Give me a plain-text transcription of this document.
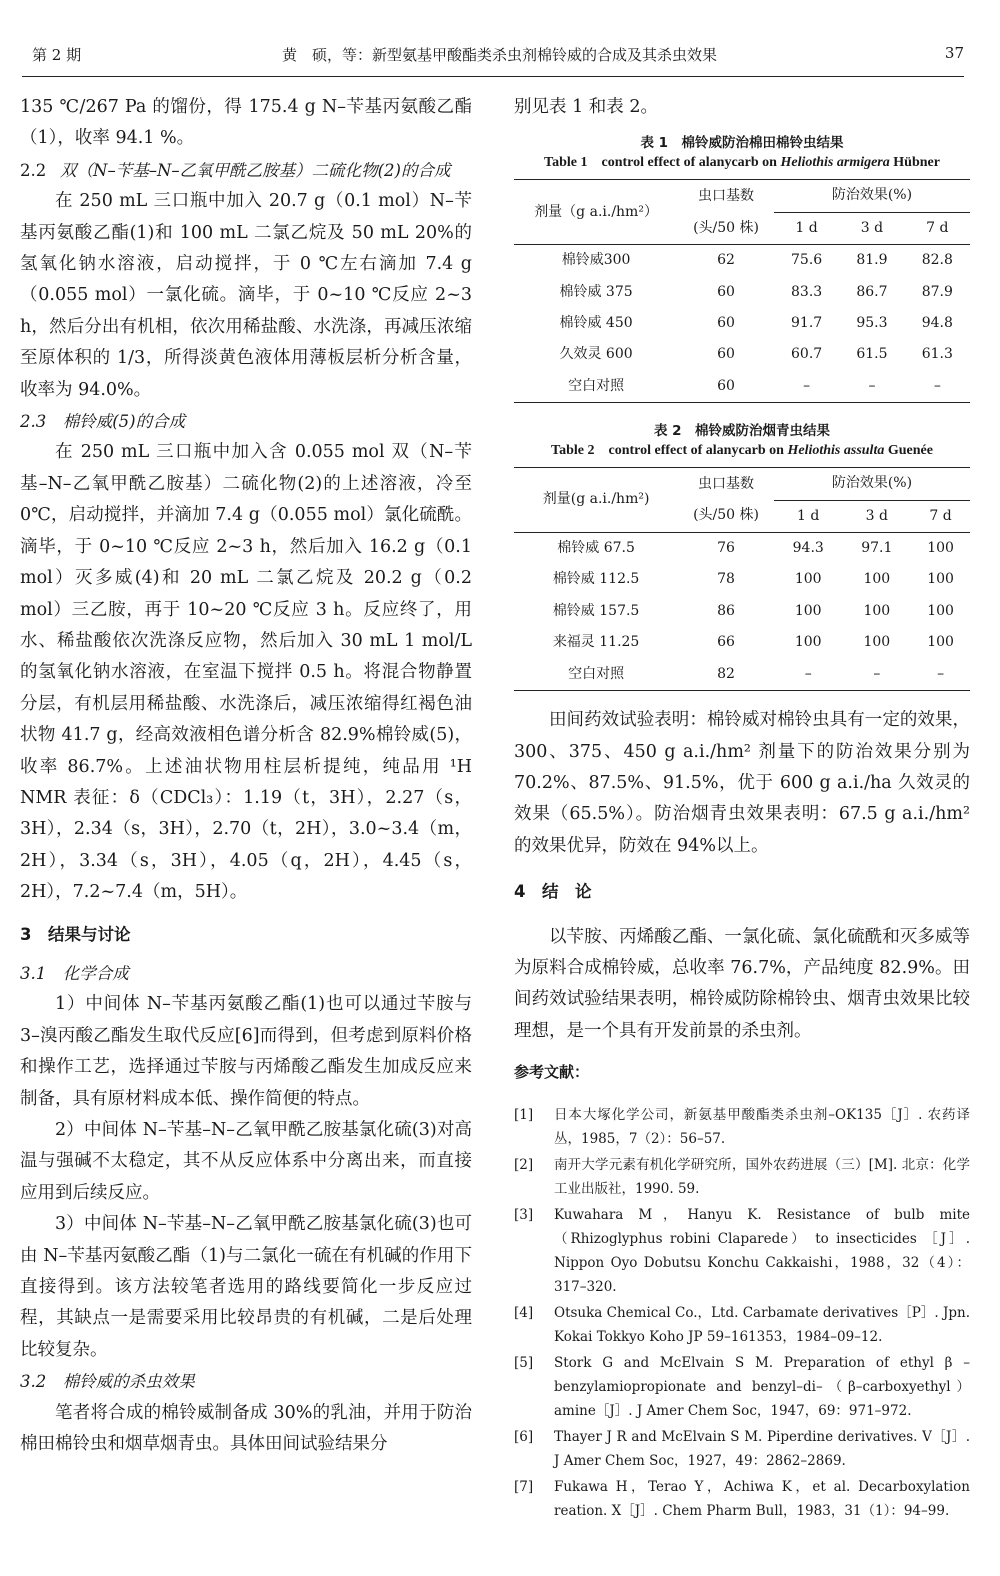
第 2 期	黄　硕，等：新型氨基甲酸酯类杀虫剂棉铃威的合成及其杀虫效果	37

135 ℃/267 Pa 的馏份，得 175.4 g N–苄基丙氨酸乙酯（1），收率 94.1 %。

2.2 双（N–苄基–N–乙氧甲酰乙胺基）二硫化物(2)的合成

在 250 mL 三口瓶中加入 20.7 g（0.1 mol）N–苄基丙氨酸乙酯(1)和 100 mL 二氯乙烷及 50 mL 20%的氢氧化钠水溶液，启动搅拌，于 0 ℃左右滴加 7.4 g（0.055 mol）一氯化硫。滴毕，于 0~10 ℃反应 2~3 h，然后分出有机相，依次用稀盐酸、水洗涤，再减压浓缩至原体积的 1/3，所得淡黄色液体用薄板层析分析含量，收率为 94.0%。

2.3　棉铃威(5)的合成

在 250 mL 三口瓶中加入含 0.055 mol 双（N–苄基–N–乙氧甲酰乙胺基）二硫化物(2)的上述溶液，冷至 0℃，启动搅拌，并滴加 7.4 g（0.055 mol）氯化硫酰。滴毕，于 0~10 ℃反应 2~3 h，然后加入 16.2 g（0.1 mol）灭多威(4)和 20 mL 二氯乙烷及 20.2 g（0.2 mol）三乙胺，再于 10~20 ℃反应 3 h。反应终了，用水、稀盐酸依次洗涤反应物，然后加入 30 mL 1 mol/L 的氢氧化钠水溶液，在室温下搅拌 0.5 h。将混合物静置分层，有机层用稀盐酸、水洗涤后，减压浓缩得红褐色油状物 41.7 g，经高效液相色谱分析含 82.9%棉铃威(5)，收率 86.7%。上述油状物用柱层析提纯，纯品用 ¹H NMR 表征：δ（CDCl₃）：1.19（t，3H），2.27（s，3H），2.34（s，3H），2.70（t，2H），3.0~3.4（m，2H），3.34（s，3H），4.05（q，2H），4.45（s，2H），7.2~7.4（m，5H）。

3　结果与讨论

3.1　化学合成

1）中间体 N–苄基丙氨酸乙酯(1)也可以通过苄胺与 3–溴丙酸乙酯发生取代反应[6]而得到，但考虑到原料价格和操作工艺，选择通过苄胺与丙烯酸乙酯发生加成反应来制备，具有原材料成本低、操作简便的特点。

2）中间体 N–苄基–N–乙氧甲酰乙胺基氯化硫(3)对高温与强碱不太稳定，其不从反应体系中分离出来，而直接应用到后续反应。

3）中间体 N–苄基–N–乙氧甲酰乙胺基氯化硫(3)也可由 N–苄基丙氨酸乙酯（1)与二氯化一硫在有机碱的作用下直接得到。该方法较笔者选用的路线要简化一步反应过程，其缺点一是需要采用比较昂贵的有机碱，二是后处理比较复杂。

3.2　棉铃威的杀虫效果

笔者将合成的棉铃威制备成 30%的乳油，并用于防治棉田棉铃虫和烟草烟青虫。具体田间试验结果分

别见表 1 和表 2。

表 1　棉铃威防治棉田棉铃虫结果
Table 1　control effect of alanycarb on Heliothis armigera Hübner
剂量（g a.i./hm²）	虫口基数	防治效果(%)		
	(头/50 株)	1 d	3 d	7 d
棉铃威300	62	75.6	81.9	82.8
棉铃威 375	60	83.3	86.7	87.9
棉铃威 450	60	91.7	95.3	94.8
久效灵 600	60	60.7	61.5	61.3
空白对照	60	–	–	–
表 2　棉铃威防治烟青虫结果
Table 2　control effect of alanycarb on Heliothis assulta Guenée
剂量(g a.i./hm²)	虫口基数	防治效果(%)		
	(头/50 株)	1 d	3 d	7 d
棉铃威 67.5	76	94.3	97.1	100
棉铃威 112.5	78	100	100	100
棉铃威 157.5	86	100	100	100
来福灵 11.25	66	100	100	100
空白对照	82	–	–	–

田间药效试验表明：棉铃威对棉铃虫具有一定的效果，300、375、450 g a.i./hm² 剂量下的防治效果分别为 70.2%、87.5%、91.5%，优于 600 g a.i./ha 久效灵的效果（65.5%）。防治烟青虫效果表明：67.5 g a.i./hm² 的效果优异，防效在 94%以上。

4　结　论

以苄胺、丙烯酸乙酯、一氯化硫、氯化硫酰和灭多威等为原料合成棉铃威，总收率 76.7%，产品纯度 82.9%。田间药效试验结果表明，棉铃威防除棉铃虫、烟青虫效果比较理想，是一个具有开发前景的杀虫剂。

参考文献：

[1] 日本大塚化学公司，新氨基甲酸酯类杀虫剂–OK135［J］. 农药译丛，1985，7（2）：56–57.

[2] 南开大学元素有机化学研究所，国外农药进展（三）[M]. 北京：化学工业出版社，1990. 59.

[3] Kuwahara M，Hanyu K. Resistance of bulb mite（Rhizoglyphus robini Claparede） to insecticides ［J］. Nippon Oyo Dobutsu Konchu Cakkaishi，1988，32（4）：317–320.

[4] Otsuka Chemical Co.，Ltd. Carbamate derivatives［P］. Jpn. Kokai Tokkyo Koho JP 59–161353，1984–09–12.

[5] Stork G and McElvain S M. Preparation of ethyl β –benzylamiopropionate and benzyl–di–（β–carboxyethyl）amine［J］. J Amer Chem Soc，1947，69：971–972.

[6] Thayer J R and McElvain S M. Piperdine derivatives. V［J］. J Amer Chem Soc，1927，49：2862–2869.

[7] Fukawa H，Terao Y，Achiwa K，et al. Decarboxylation reation. X［J］. Chem Pharm Bull，1983，31（1）：94–99.
